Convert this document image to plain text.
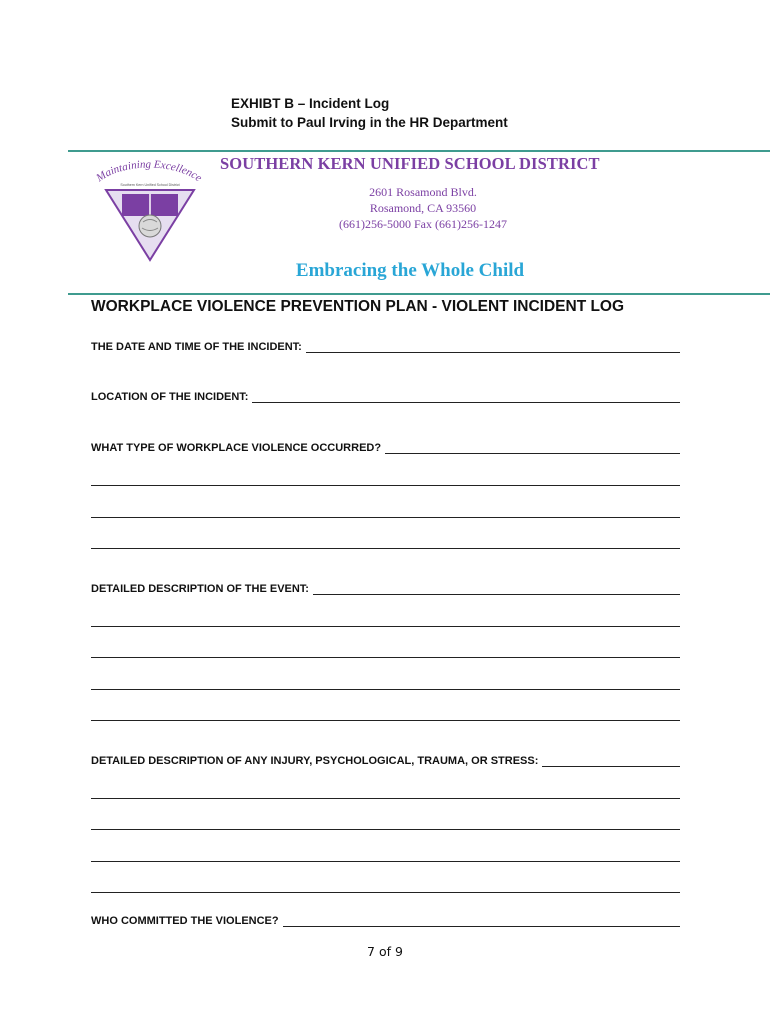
EXHIBT B – Incident Log
Submit to Paul Irving in the HR Department
Maintaining Excellence
Southern Kern Unified School District
SOUTHERN KERN UNIFIED SCHOOL DISTRICT
2601 Rosamond Blvd.
Rosamond, CA 93560
(661)256-5000 Fax (661)256-1247
Embracing the Whole Child
WORKPLACE VIOLENCE PREVENTION PLAN - VIOLENT INCIDENT LOG
THE DATE AND TIME OF THE INCIDENT:
LOCATION OF THE INCIDENT:
WHAT TYPE OF WORKPLACE VIOLENCE OCCURRED?
DETAILED DESCRIPTION OF THE EVENT:
DETAILED DESCRIPTION OF ANY INJURY, PSYCHOLOGICAL, TRAUMA, OR STRESS:
WHO COMMITTED THE VIOLENCE?
7 of 9
